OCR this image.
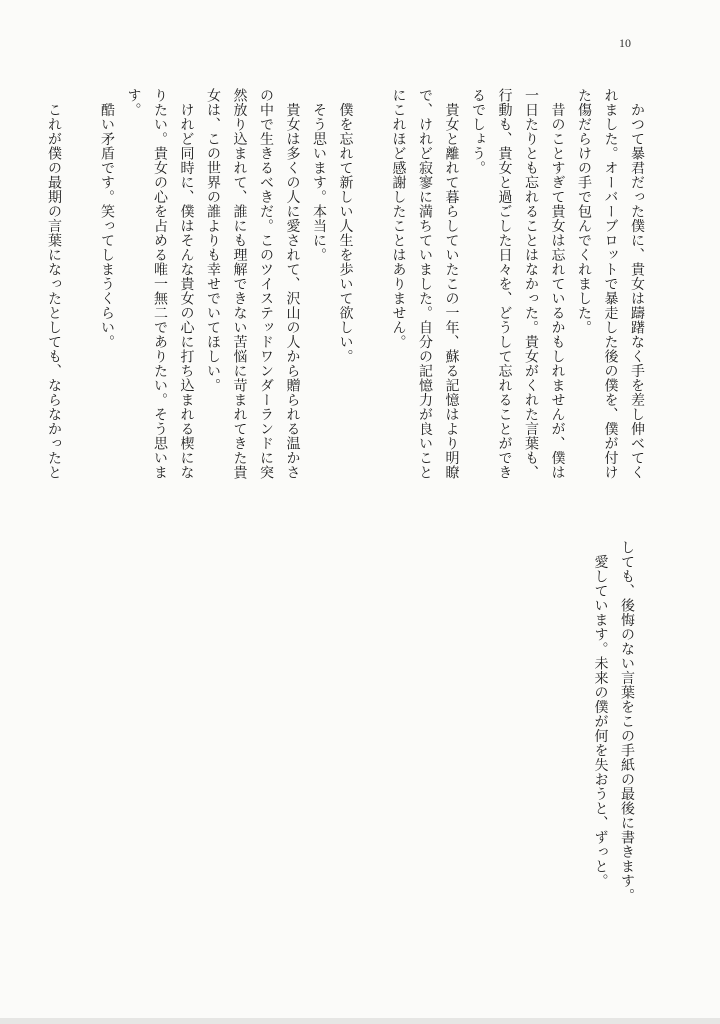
10
　かつて暴君だった僕に、貴女は躊躇なく手を差し伸べてく
れました。オーバーブロットで暴走した後の僕を、僕が付け
た傷だらけの手で包んでくれました。
　昔のことすぎて貴女は忘れているかもしれませんが、僕は
一日たりとも忘れることはなかった。貴女がくれた言葉も、
行動も、貴女と過ごした日々を、どうして忘れることができ
るでしょう。
　貴女と離れて暮らしていたこの一年、蘇る記憶はより明瞭
で、けれど寂寥に満ちていました。自分の記憶力が良いこと
にこれほど感謝したことはありません。
　僕を忘れて新しい人生を歩いて欲しい。
　そう思います。本当に。
　貴女は多くの人に愛されて、沢山の人から贈られる温かさ
の中で生きるべきだ。このツイステッドワンダーランドに突
然放り込まれて、誰にも理解できない苦悩に苛まれてきた貴
女は、この世界の誰よりも幸せでいてほしい。
　けれど同時に、僕はそんな貴女の心に打ち込まれる楔にな
りたい。貴女の心を占める唯一無二でありたい。そう思いま
す。
　酷い矛盾です。笑ってしまうくらい。
　これが僕の最期の言葉になったとしても、ならなかったと
しても、後悔のない言葉をこの手紙の最後に書きます。
　愛しています。未来の僕が何を失おうと、ずっと。
